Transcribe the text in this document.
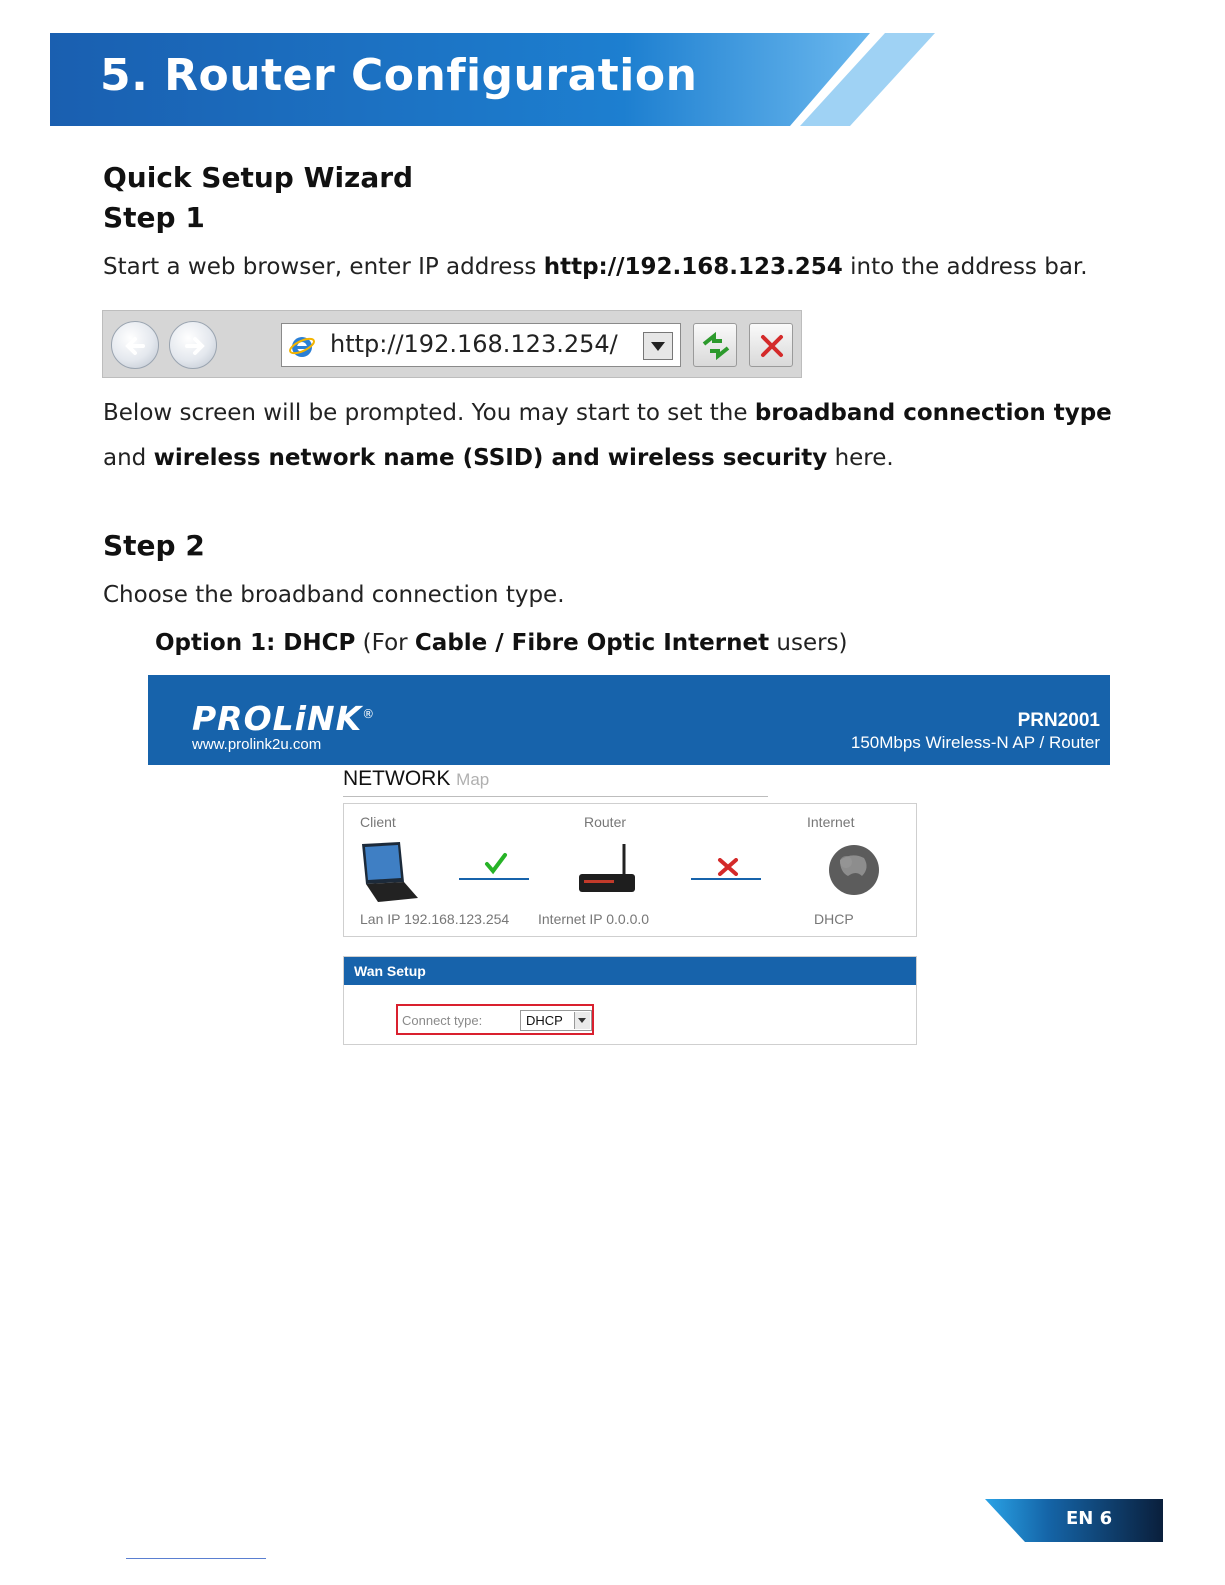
5. Router Configuration
Quick Setup Wizard
Step 1
Start a web browser, enter IP address http://192.168.123.254 into the address bar.
http://192.168.123.254/
Below screen will be prompted. You may start to set the broadband connection type
and wireless network name (SSID) and wireless security here.
Step 2
Choose the broadband connection type.
Option 1: DHCP (For Cable / Fibre Optic Internet users)
PROLiNK®
www.prolink2u.com
PRN2001
150Mbps Wireless-N AP / Router
NETWORK Map
Client	Router	Internet
Lan IP 192.168.123.254 Internet IP 0.0.0.0	DHCP
Wan Setup
Connect type:	DHCP
EN 6
